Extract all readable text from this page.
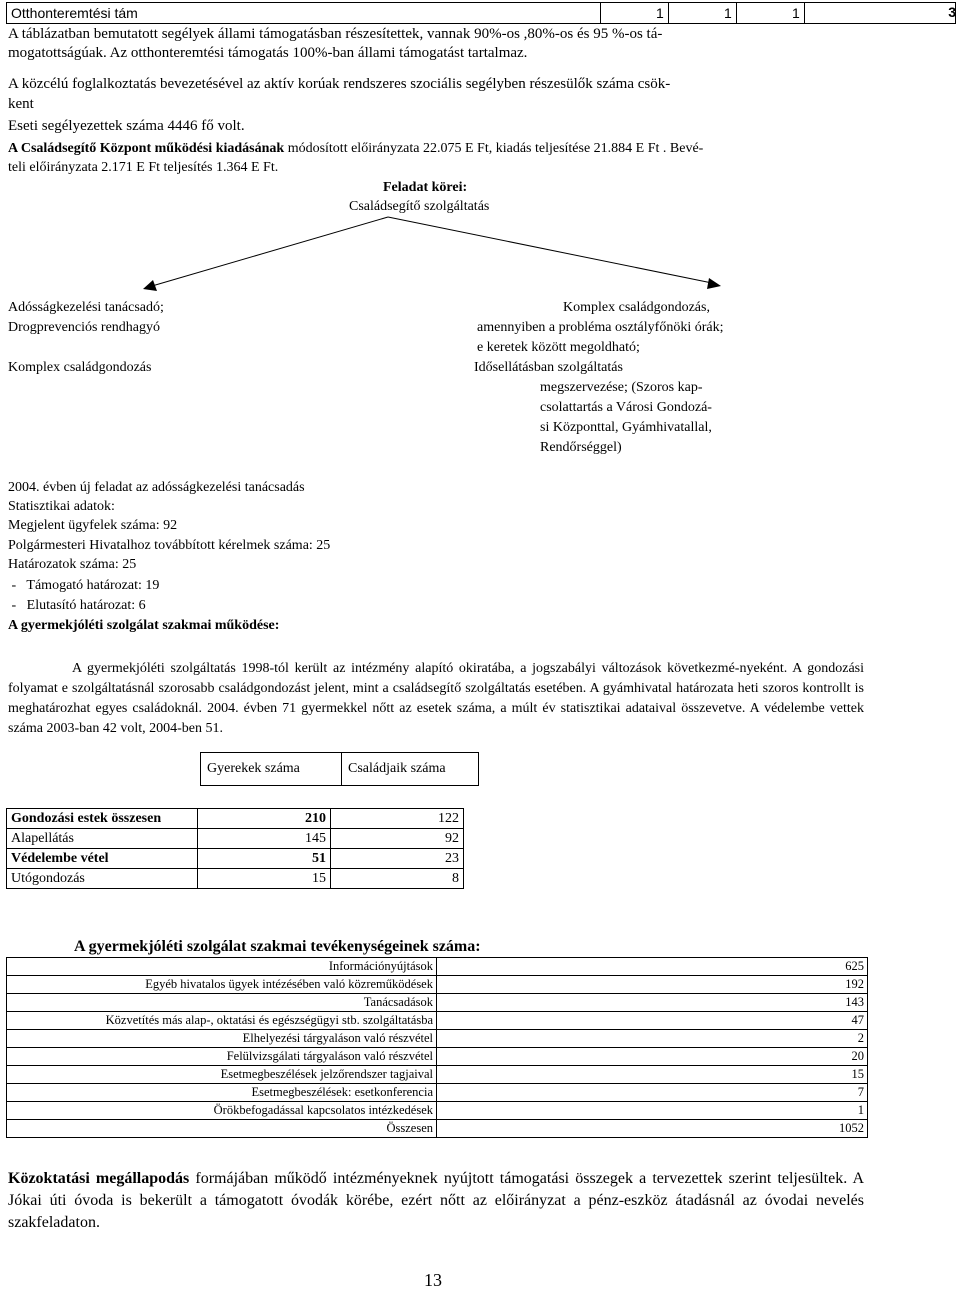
Otthonteremtési tám	1	1	1		3
A táblázatban bemutatott segélyek állami támogatásban részesítettek, vannak 90%-os ,80%-os és 95 %-os tá-
mogatottságúak. Az otthonteremtési támogatás 100%-ban állami támogatást tartalmaz.
A közcélú foglalkoztatás bevezetésével az aktív korúak rendszeres szociális segélyben részesülők száma csök-
kent
Eseti segélyezettek száma 4446 fő volt.
A Családsegítő Központ működési kiadásának módosított előirányzata 22.075 E Ft, kiadás teljesítése 21.884 E Ft . Bevé-
teli előirányzata 2.171 E Ft teljesítés 1.364 E Ft.
Feladat körei:
Családsegítő szolgáltatás
Adósságkezelési tanácsadó;
Drogprevenciós rendhagyó
Komplex családgondozás
Komplex családgondozás,
amennyiben a probléma osztályfőnöki órák;
e keretek között megoldható;
Idősellátásban szolgáltatás
megszervezése; (Szoros kap-
csolattartás a Városi Gondozá-
si Központtal, Gyámhivatallal,
Rendőrséggel)
2004. évben új feladat az adósságkezelési tanácsadás
Statisztikai adatok:
Megjelent ügyfelek száma: 92
Polgármesteri Hivatalhoz továbbított kérelmek száma: 25
Határozatok száma: 25
-   Támogató határozat: 19
-   Elutasító határozat: 6
A gyermekjóléti szolgálat szakmai működése:
A gyermekjóléti szolgáltatás 1998-tól került az intézmény alapító okiratába, a jogszabályi változások következmé-nyeként. A gondozási folyamat e szolgáltatásnál szorosabb családgondozást jelent, mint a családsegítő szolgáltatás esetében. A gyámhivatal határozata heti szoros kontrollt is meghatározhat egyes családoknál. 2004. évben 71 gyermekkel nőtt az esetek száma, a múlt év statisztikai adataival összevetve. A védelembe vettek száma 2003-ban 42 volt, 2004-ben 51.
Gyerekek száma	Családjaik száma
Gondozási estek összesen	210	122
Alapellátás	145	92
Védelembe vétel	51	23
Utógondozás	15	8
A gyermekjóléti szolgálat szakmai tevékenységeinek száma:
Információnyújtások	625
Egyéb hivatalos ügyek intézésében való közreműködések	192
Tanácsadások	143
Közvetítés más alap-, oktatási és egészségügyi stb. szolgáltatásba	47
Elhelyezési tárgyaláson való részvétel	2
Felülvizsgálati tárgyaláson való részvétel	20
Esetmegbeszélések jelzőrendszer tagjaival	15
Esetmegbeszélések: esetkonferencia	7
Örökbefogadással kapcsolatos intézkedések	1
Összesen	1052
Közoktatási megállapodás formájában működő intézményeknek nyújtott támogatási összegek a tervezettek szerint teljesültek. A Jókai úti óvoda is bekerült a támogatott óvodák körébe, ezért nőtt az előirányzat a pénz-eszköz átadásnál az óvodai nevelés szakfeladaton.
13
